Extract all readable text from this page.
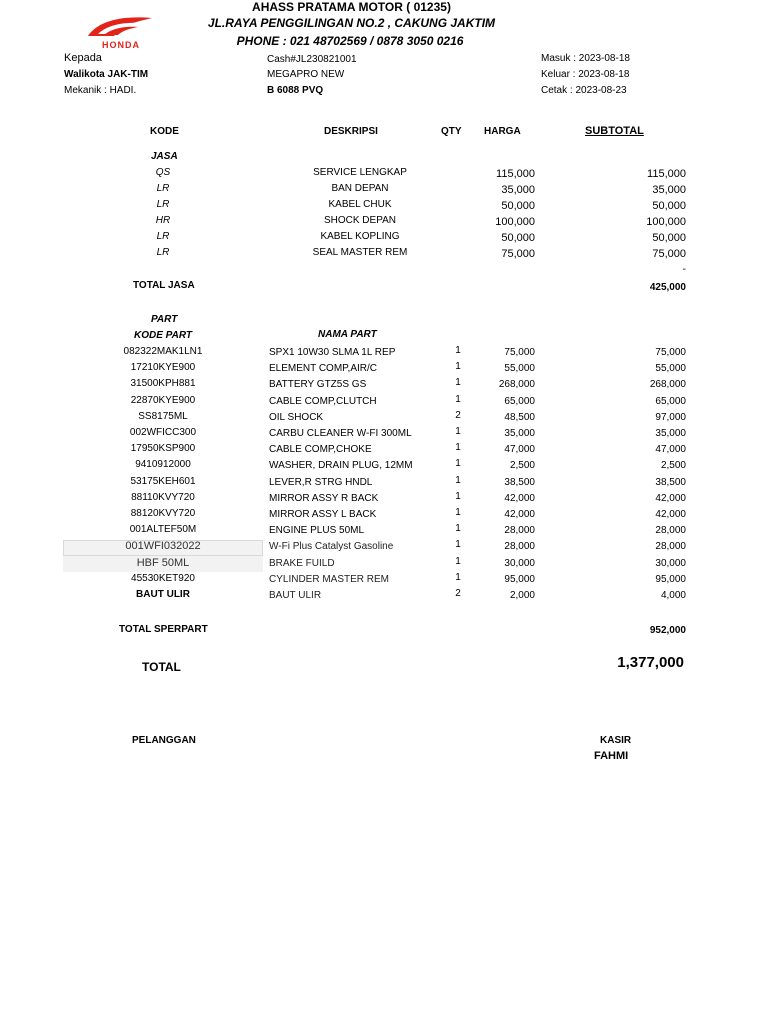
HONDA
AHASS PRATAMA MOTOR ( 01235)
JL.RAYA PENGGILINGAN NO.2 , CAKUNG JAKTIM
PHONE : 021 48702569 / 0878 3050 0216
Kepada
Walikota JAK-TIM
Mekanik : HADI.
Cash#JL230821001
MEGAPRO NEW
B 6088 PVQ
Masuk : 2023-08-18
Keluar : 2023-08-18
Cetak : 2023-08-23
KODE	DESKRIPSI	QTY HARGA	SUBTOTAL
JASA
QS	SERVICE LENGKAP	115,000	115,000
LR	BAN DEPAN	35,000	35,000
LR	KABEL CHUK	50,000	50,000
HR	SHOCK DEPAN	100,000	100,000
LR	KABEL KOPLING	50,000	50,000
LR	SEAL MASTER REM	75,000	75,000
-
TOTAL JASA	425,000
PART
KODE PART	NAMA PART
082322MAK1LN1	SPX1 10W30 SLMA 1L REP	1	75,000	75,000
17210KYE900	ELEMENT COMP,AIR/C	1	55,000	55,000
31500KPH881	BATTERY GTZ5S GS	1	268,000	268,000
22870KYE900	CABLE COMP,CLUTCH	1	65,000	65,000
SS8175ML	OIL SHOCK	2	48,500	97,000
002WFICC300	CARBU CLEANER W-FI 300ML	1	35,000	35,000
17950KSP900	CABLE COMP,CHOKE	1	47,000	47,000
9410912000	WASHER, DRAIN PLUG, 12MM	1	2,500	2,500
53175KEH601	LEVER,R STRG HNDL	1	38,500	38,500
88110KVY720	MIRROR ASSY R BACK	1	42,000	42,000
88120KVY720	MIRROR ASSY L BACK	1	42,000	42,000
001ALTEF50M	ENGINE PLUS 50ML	1	28,000	28,000
001WFI032022	W-Fi Plus Catalyst Gasoline	1	28,000	28,000
HBF 50ML	BRAKE FUILD	1	30,000	30,000
45530KET920	CYLINDER MASTER REM	1	95,000	95,000
BAUT ULIR	BAUT ULIR	2	2,000	4,000
TOTAL SPERPART	952,000
TOTAL	1,377,000
PELANGGAN	KASIR
FAHMI
